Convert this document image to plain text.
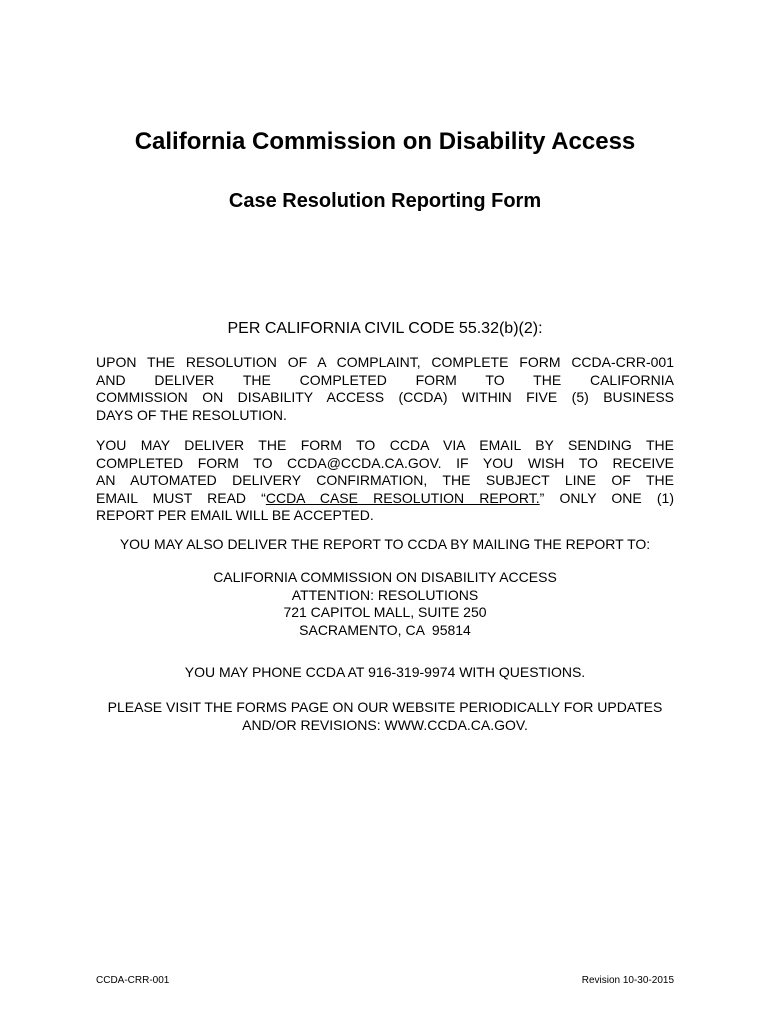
California Commission on Disability Access
Case Resolution Reporting Form
PER CALIFORNIA CIVIL CODE 55.32(b)(2):
UPON THE RESOLUTION OF A COMPLAINT, COMPLETE FORM CCDA-CRR-001
AND DELIVER THE COMPLETED FORM TO THE CALIFORNIA
COMMISSION ON DISABILITY ACCESS (CCDA) WITHIN FIVE (5) BUSINESS
DAYS OF THE RESOLUTION.
YOU MAY DELIVER THE FORM TO CCDA VIA EMAIL BY SENDING THE
COMPLETED FORM TO CCDA@CCDA.CA.GOV. IF YOU WISH TO RECEIVE
AN AUTOMATED DELIVERY CONFIRMATION, THE SUBJECT LINE OF THE
EMAIL MUST READ “CCDA CASE RESOLUTION REPORT.” ONLY ONE (1)
REPORT PER EMAIL WILL BE ACCEPTED.
YOU MAY ALSO DELIVER THE REPORT TO CCDA BY MAILING THE REPORT TO:
CALIFORNIA COMMISSION ON DISABILITY ACCESS
ATTENTION: RESOLUTIONS
721 CAPITOL MALL, SUITE 250
SACRAMENTO, CA  95814
YOU MAY PHONE CCDA AT 916-319-9974 WITH QUESTIONS.
PLEASE VISIT THE FORMS PAGE ON OUR WEBSITE PERIODICALLY FOR UPDATES
AND/OR REVISIONS: WWW.CCDA.CA.GOV.
CCDA-CRR-001	Revision 10-30-2015
